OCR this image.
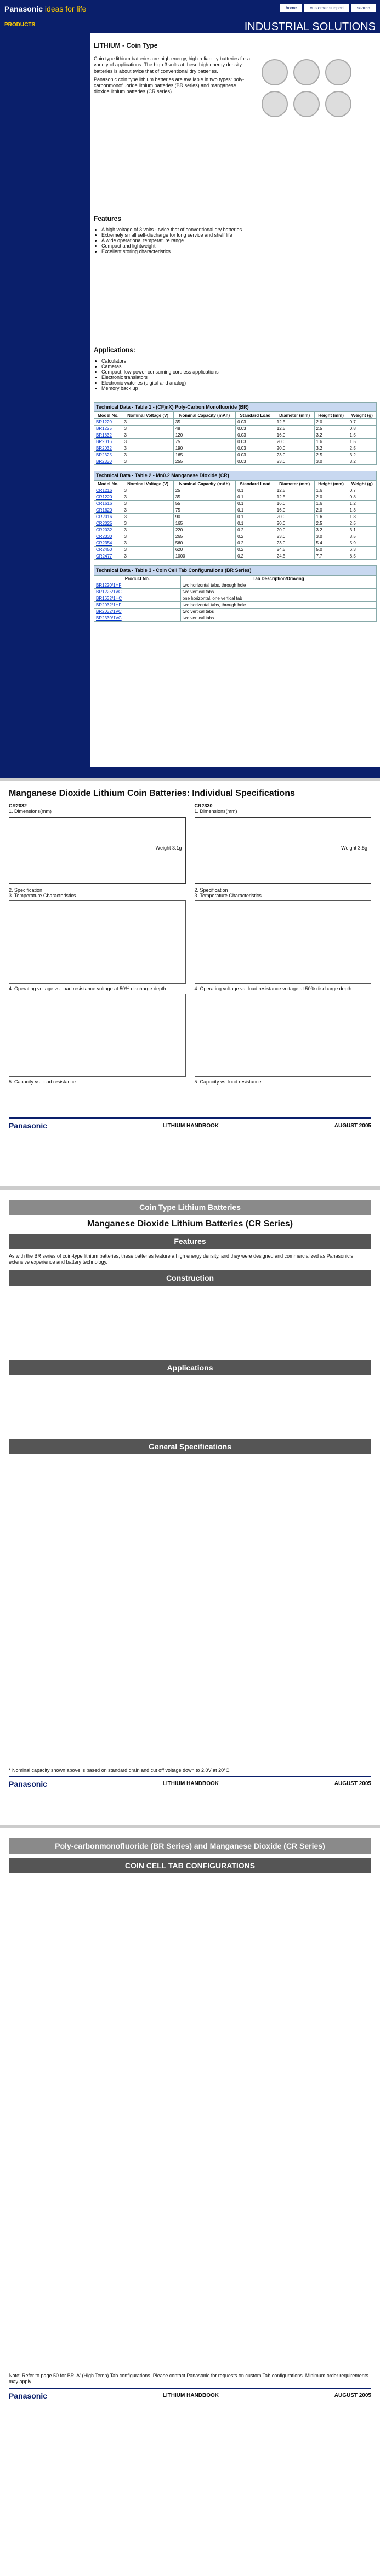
Panasonic ideas for life	home	customer support	search
PRODUCTS	INDUSTRIAL SOLUTIONS
LITHIUM - Coin Type

Coin type lithium batteries are high energy, high reliability batteries for a variety of applications. The high 3 volts at these high energy density batteries is about twice that of conventional dry batteries.

Panasonic coin type lithium batteries are available in two types: poly-carbonmonofluoride lithium batteries (BR series) and manganese dioxide lithium batteries (CR series).

Features
• A high voltage of 3 volts - twice that of conventional dry batteries
• Extremely small self-discharge for long service and shelf life
• A wide operational temperature range
• Compact and lightweight
• Excellent storing characteristics
Applications:
• Calculators
• Cameras
• Compact, low power consuming cordless applications
• Electronic translators
• Electronic watches (digital and analog)
• Memory back up
Technical Data - Table 1 - (CF)nX) Poly-Carbon Monofluoride (BR)
Model No.	Nominal Voltage (V)	Nominal Capacity (mAh)	Standard Load	Diameter (mm)	Height (mm)	Weight (g)
BR1220	3	35	0.03	12.5	2.0	0.7
BR1225	3	48	0.03	12.5	2.5	0.8
BR1632	3	120	0.03	16.0	3.2	1.5
BR2016	3	75	0.03	20.0	1.6	1.5
BR2032	3	190	0.03	20.0	3.2	2.5
BR2325	3	165	0.03	23.0	2.5	3.2
BR2330	3	255	0.03	23.0	3.0	3.2
Technical Data - Table 2 - Mn0.2 Manganese Dioxide (CR)
Model No.	Nominal Voltage (V)	Nominal Capacity (mAh)	Standard Load	Diameter (mm)	Height (mm)	Weight (g)
CR1216	3	25	0.1	12.5	1.6	0.7
CR1220	3	35	0.1	12.5	2.0	0.8
CR1616	3	55	0.1	16.0	1.6	1.2
CR1620	3	75	0.1	16.0	2.0	1.3
CR2016	3	90	0.1	20.0	1.6	1.8
CR2025	3	165	0.1	20.0	2.5	2.5
CR2032	3	220	0.2	20.0	3.2	3.1
CR2330	3	265	0.2	23.0	3.0	3.5
CR2354	3	560	0.2	23.0	5.4	5.9
CR2450	3	620	0.2	24.5	5.0	6.3
CR2477	3	1000	0.2	24.5	7.7	8.5
Technical Data - Table 3 - Coin Cell Tab Configurations (BR Series)
Product No.	Tab Description/Drawing
BR1220/1HF	two horizontal tabs, through hole
BR1225/1VC	two vertical tabs
BR1632/1HC	one horizontal, one vertical tab
BR2032/1HF	two horizontal tabs, through hole
BR2032/1VC	two vertical tabs
BR2330/1VC	two vertical tabs
Manganese Dioxide Lithium Coin Batteries: Individual Specifications
CR2032
1. Dimensions(mm)
Weight 3.1g
2. Specification
3. Temperature Characteristics
4. Operating voltage vs. load resistance voltage at 50% discharge depth
5. Capacity vs. load resistance
CR2330
1. Dimensions(mm)
Weight 3.5g
2. Specification
3. Temperature Characteristics
4. Operating voltage vs. load resistance voltage at 50% discharge depth
5. Capacity vs. load resistance
Panasonic	LITHIUM HANDBOOK	AUGUST 2005
Coin Type Lithium Batteries
Manganese Dioxide Lithium Batteries (CR Series)
Features

As with the BR series of coin-type lithium batteries, these batteries feature a high energy density, and they were designed and commercialized as Panasonic's extensive experience and battery technology.

Construction
Applications
General Specifications

* Nominal capacity shown above is based on standard drain and cut off voltage down to 2.0V at 20°C.

Panasonic	LITHIUM HANDBOOK	AUGUST 2005
Poly-carbonmonofluoride (BR Series) and Manganese Dioxide (CR Series)
COIN CELL TAB CONFIGURATIONS

Note: Refer to page 50 for BR 'A' (High Temp) Tab configurations. Please contact Panasonic for requests on custom Tab configurations. Minimum order requirements may apply.

Panasonic	LITHIUM HANDBOOK	AUGUST 2005
